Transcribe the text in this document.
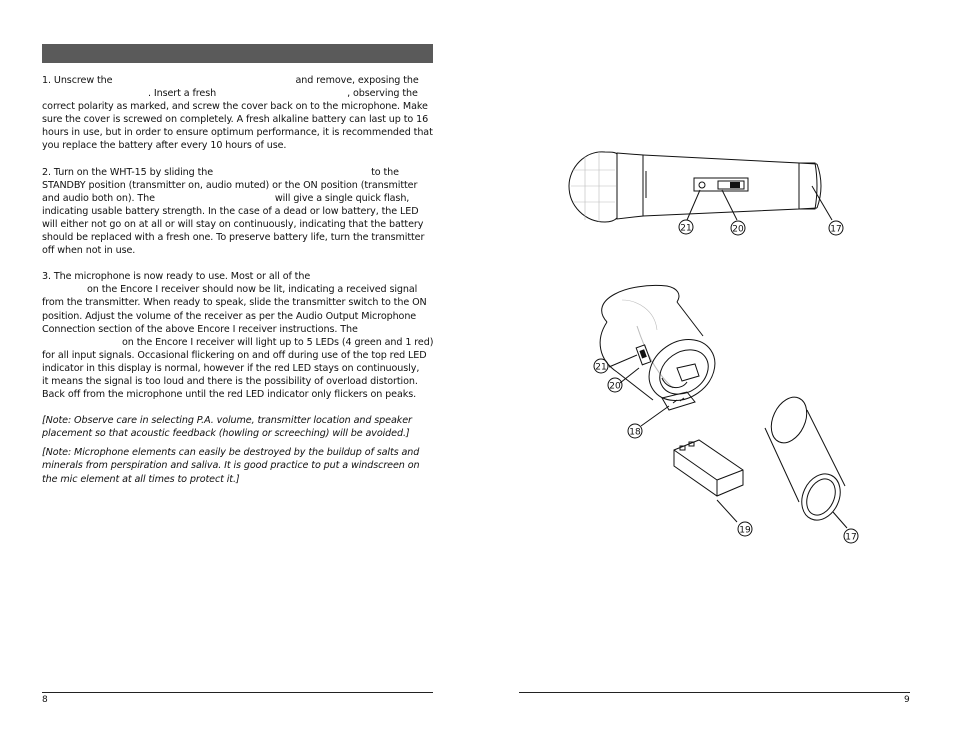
1. Unscrew the	and remove, exposing the
. Insert a fresh	, observing the
correct polarity as marked, and screw the cover back on to the microphone. Make sure the cover is screwed on completely. A fresh alkaline battery can last up to 16 hours in use, but in order to ensure optimum performance, it is recommended that you replace the battery after every 10 hours of use.

2. Turn on the WHT-15 by sliding the	to the
STANDBY position (transmitter on, audio muted) or the ON position (transmitter and audio both on). The	will give a single quick flash, indicating usable battery strength. In the case of a dead or low battery, the LED will either not go on at all or will stay on continuously, indicating that the battery should be replaced with a fresh one. To preserve battery life, turn the transmitter off when not in use.

3. The microphone is now ready to use. Most or all of the
on the Encore I receiver should now be lit, indicating a received signal
from the transmitter. When ready to speak, slide the transmitter switch to the ON position. Adjust the volume of the receiver as per the Audio Output Microphone Connection section of the above Encore I receiver instructions. The
on the Encore I receiver will light up to 5 LEDs (4 green and 1 red) for all input signals. Occasional flickering on and off during use of the top red LED indicator in this display is normal, however if the red LED stays on continuously,
it means the signal is too loud and there is the possibility of overload distortion. Back off from the microphone until the red LED indicator only flickers on peaks.

[Note: Observe care in selecting P.A. volume, transmitter location and speaker placement so that acoustic feedback (howling or screeching) will be avoided.]

[Note: Microphone elements can easily be destroyed by the buildup of salts and minerals from perspiration and saliva. It is good practice to put a windscreen on the mic element at all times to protect it.]

8
21	20	17
21
20
18
19
17
9
